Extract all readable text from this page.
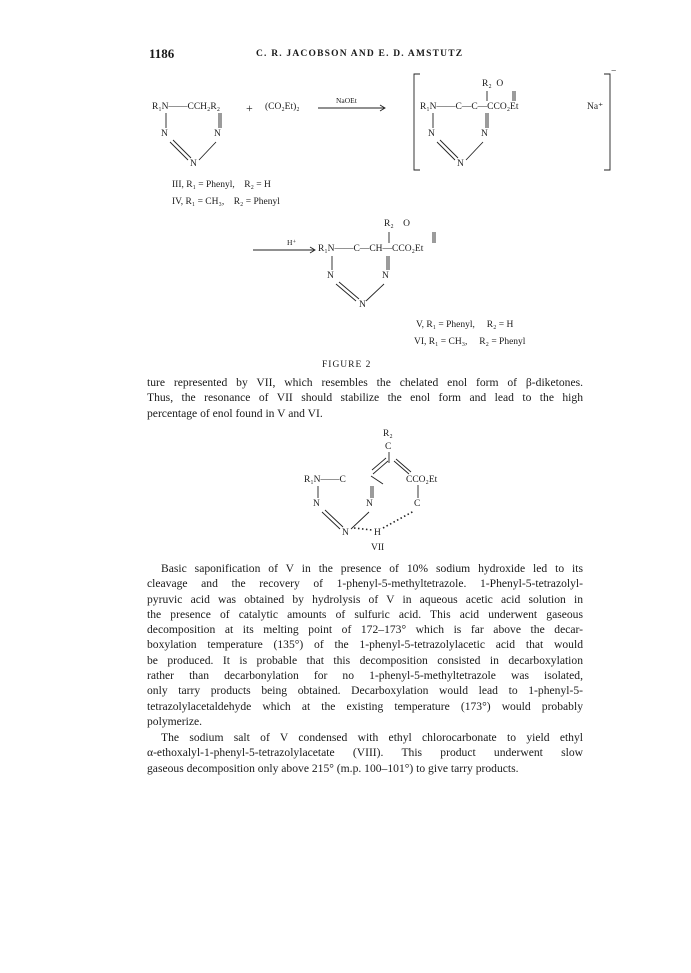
1186	C. R. JACOBSON AND E. D. AMSTUTZ
R₁N——CCH₂R₂ + (CO₂Et)₂
NaOEt
N	N
N
R₂  O
R₁N——C—C—CCO₂Et	Na⁺
−
N	N
N
III, R₁ = Phenyl,    R₂ = H
IV, R₁ = CH₃,    R₂ = Phenyl
H⁺
R₂    O
R₁N——C—CH—CCO₂Et
N	N
N
V, R₁ = Phenyl,     R₂ = H
VI, R₁ = CH₃,     R₂ = Phenyl
FIGURE 2
ture represented by VII, which resembles the chelated enol form of β-diketones.
Thus, the resonance of VII should stabilize the enol form and lead to the high
percentage of enol found in V and VI.
R₂
C
R₁N——C	CCO₂Et
N	N
N
C
H
VII
Basic saponification of V in the presence of 10% sodium hydroxide led to its
cleavage and the recovery of 1-phenyl-5-methyltetrazole. 1-Phenyl-5-tetrazolyl-
pyruvic acid was obtained by hydrolysis of V in aqueous acetic acid solution in
the presence of catalytic amounts of sulfuric acid. This acid underwent gaseous
decomposition at its melting point of 172–173° which is far above the decar-
boxylation temperature (135°) of the 1-phenyl-5-tetrazolylacetic acid that would
be produced. It is probable that this decomposition consisted in decarboxylation
rather than decarbonylation for no 1-phenyl-5-methyltetrazole was isolated,
only tarry products being obtained. Decarboxylation would lead to 1-phenyl-5-
tetrazolylacetaldehyde which at the existing temperature (173°) would probably
polymerize.
The sodium salt of V condensed with ethyl chlorocarbonate to yield ethyl
α-ethoxalyl-1-phenyl-5-tetrazolylacetate (VIII). This product underwent slow
gaseous decomposition only above 215° (m.p. 100–101°) to give tarry products.
